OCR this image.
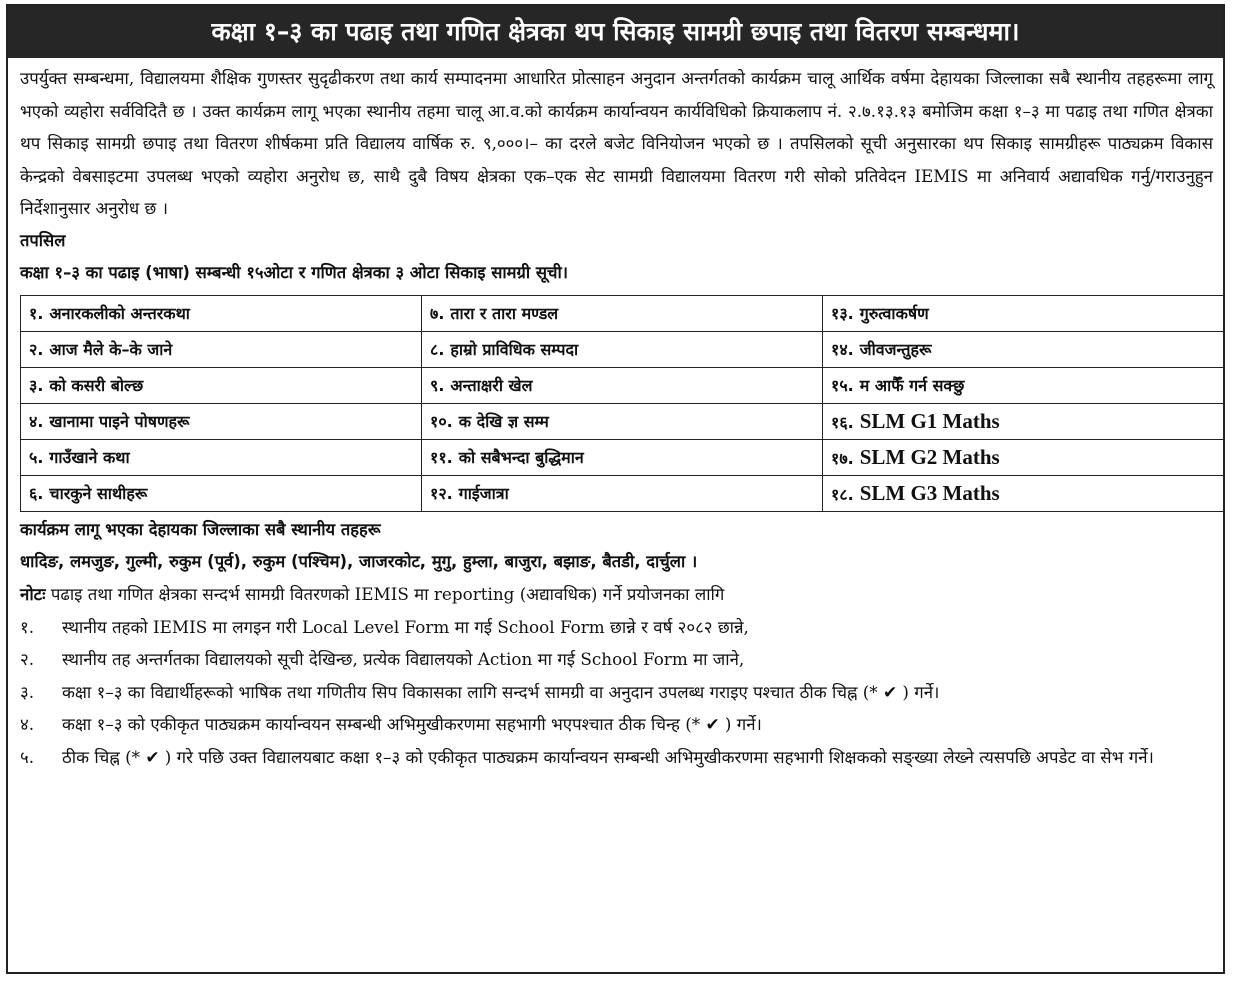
कक्षा १–३ का पढाइ तथा गणित क्षेत्रका थप सिकाइ सामग्री छपाइ तथा वितरण सम्बन्धमा।

उपर्युक्त सम्बन्धमा, विद्यालयमा शैक्षिक गुणस्तर सुदृढीकरण तथा कार्य सम्पादनमा आधारित प्रोत्साहन अनुदान अन्तर्गतको कार्यक्रम चालू आर्थिक वर्षमा देहायका जिल्लाका सबै स्थानीय तहहरूमा लागू भएको व्यहोरा सर्वविदितै छ । उक्त कार्यक्रम लागू भएका स्थानीय तहमा चालू आ.व.को कार्यक्रम कार्यान्वयन कार्यविधिको क्रियाकलाप नं. २.७.१३.१३ बमोजिम कक्षा १–३ मा पढाइ तथा गणित क्षेत्रका थप सिकाइ सामग्री छपाइ तथा वितरण शीर्षकमा प्रति विद्यालय वार्षिक रु. ९,०००।– का दरले बजेट विनियोजन भएको छ । तपसिलको सूची अनुसारका थप सिकाइ सामग्रीहरू पाठ्यक्रम विकास केन्द्रको वेबसाइटमा उपलब्ध भएको व्यहोरा अनुरोध छ, साथै दुबै विषय क्षेत्रका एक–एक सेट सामग्री विद्यालयमा वितरण गरी सोको प्रतिवेदन IEMIS मा अनिवार्य अद्यावधिक गर्नु/गराउनुहुन निर्देशानुसार अनुरोध छ ।

तपसिल

कक्षा १–३ का पढाइ (भाषा) सम्बन्धी १५ओटा र गणित क्षेत्रका ३ ओटा सिकाइ सामग्री सूची।

१. अनारकलीको अन्तरकथा	७. तारा र तारा मण्डल	१३. गुरुत्वाकर्षण
२. आज मैले के–के जाने	८. हाम्रो प्राविधिक सम्पदा	१४. जीवजन्तुहरू
३. को कसरी बोल्छ	९. अन्ताक्षरी खेल	१५. म आफैँ गर्न सक्छु
४. खानामा पाइने पोषणहरू	१०. क देखि ज्ञ सम्म	१६. SLM G1 Maths
५. गाउँखाने कथा	११. को सबैभन्दा बुद्धिमान	१७. SLM G2 Maths
६. चारकुने साथीहरू	१२. गाईजात्रा	१८. SLM G3 Maths

कार्यक्रम लागू भएका देहायका जिल्लाका सबै स्थानीय तहहरू

धादिङ, लमजुङ, गुल्मी, रुकुम (पूर्व), रुकुम (पश्चिम), जाजरकोट, मुगु, हुम्ला, बाजुरा, बझाङ, बैतडी, दार्चुला ।

नोटः पढाइ तथा गणित क्षेत्रका सन्दर्भ सामग्री वितरणको IEMIS मा reporting (अद्यावधिक) गर्ने प्रयोजनका लागि

१.	स्थानीय तहको IEMIS मा लगइन गरी Local Level Form मा गई School Form छान्ने र वर्ष २०८२ छान्ने,
२.	स्थानीय तह अन्तर्गतका विद्यालयको सूची देखिन्छ, प्रत्येक विद्यालयको Action मा गई School Form मा जाने,
३.	कक्षा १–३ का विद्यार्थीहरूको भाषिक तथा गणितीय सिप विकासका लागि सन्दर्भ सामग्री वा अनुदान उपलब्ध गराइए पश्चात ठीक चिह्न (* ✔ ) गर्ने।
४.	कक्षा १–३ को एकीकृत पाठ्यक्रम कार्यान्वयन सम्बन्धी अभिमुखीकरणमा सहभागी भएपश्चात ठीक चिन्ह (* ✔ ) गर्ने।
५.	ठीक चिह्न (* ✔ ) गरे पछि उक्त विद्यालयबाट कक्षा १–३ को एकीकृत पाठ्यक्रम कार्यान्वयन सम्बन्धी अभिमुखीकरणमा सहभागी शिक्षकको सङ्ख्या लेख्ने त्यसपछि अपडेट वा सेभ गर्ने।
